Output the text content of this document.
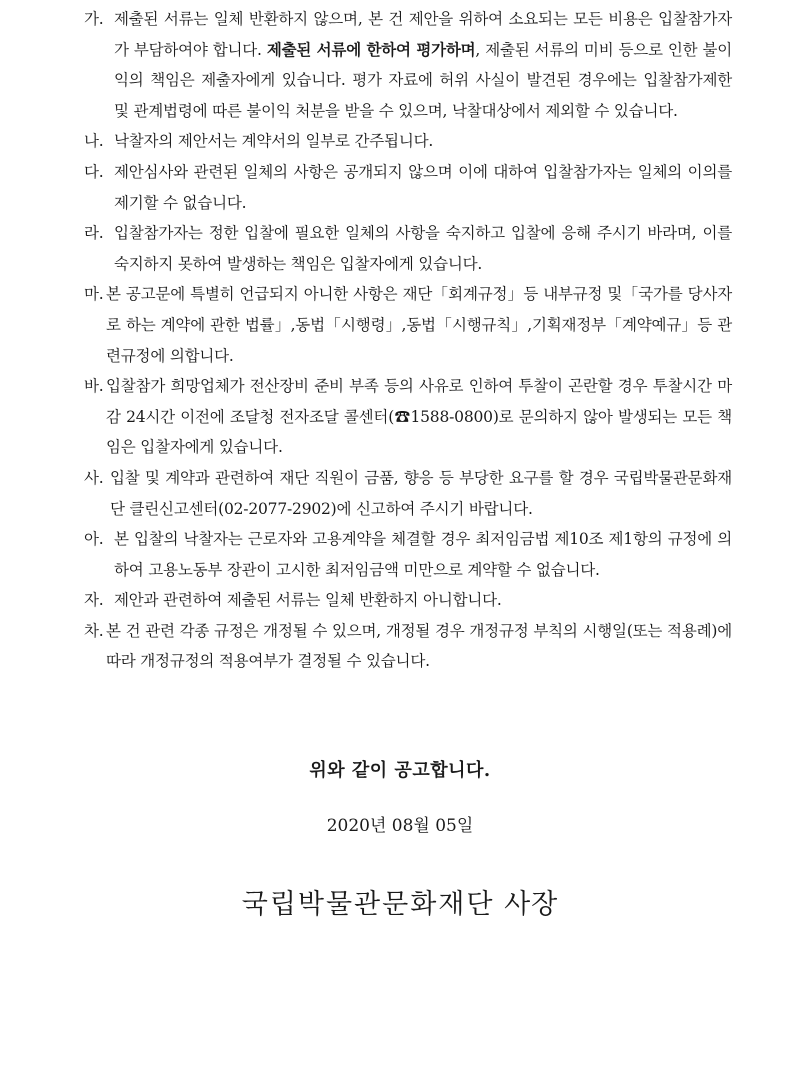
가. 제출된 서류는 일체 반환하지 않으며, 본 건 제안을 위하여 소요되는 모든 비용은 입찰참가자가 부담하여야 합니다. 제출된 서류에 한하여 평가하며, 제출된 서류의 미비 등으로 인한 불이익의 책임은 제출자에게 있습니다. 평가 자료에 허위 사실이 발견된 경우에는 입찰참가제한 및 관계법령에 따른 불이익 처분을 받을 수 있으며, 낙찰대상에서 제외할 수 있습니다.

나. 낙찰자의 제안서는 계약서의 일부로 간주됩니다.

다. 제안심사와 관련된 일체의 사항은 공개되지 않으며 이에 대하여 입찰참가자는 일체의 이의를 제기할 수 없습니다.

라. 입찰참가자는 정한 입찰에 필요한 일체의 사항을 숙지하고 입찰에 응해 주시기 바라며, 이를 숙지하지 못하여 발생하는 책임은 입찰자에게 있습니다.

마. 본 공고문에 특별히 언급되지 아니한 사항은 재단「회계규정」등 내부규정 및「국가를 당사자로 하는 계약에 관한 법률」,동법「시행령」,동법「시행규칙」,기획재정부「계약예규」등 관련규정에 의합니다.

바. 입찰참가 희망업체가 전산장비 준비 부족 등의 사유로 인하여 투찰이 곤란할 경우 투찰시간 마감 24시간 이전에 조달청 전자조달 콜센터(☎1588-0800)로 문의하지 않아 발생되는 모든 책임은 입찰자에게 있습니다.

사. 입찰 및 계약과 관련하여 재단 직원이 금품, 향응 등 부당한 요구를 할 경우 국립박물관문화재단 클린신고센터(02-2077-2902)에 신고하여 주시기 바랍니다.

아. 본 입찰의 낙찰자는 근로자와 고용계약을 체결할 경우 최저임금법 제10조 제1항의 규정에 의하여 고용노동부 장관이 고시한 최저임금액 미만으로 계약할 수 없습니다.

자. 제안과 관련하여 제출된 서류는 일체 반환하지 아니합니다.

차. 본 건 관련 각종 규정은 개정될 수 있으며, 개정될 경우 개정규정 부칙의 시행일(또는 적용례)에 따라 개정규정의 적용여부가 결정될 수 있습니다.

위와 같이 공고합니다.
2020년 08월 05일
국립박물관문화재단 사장
